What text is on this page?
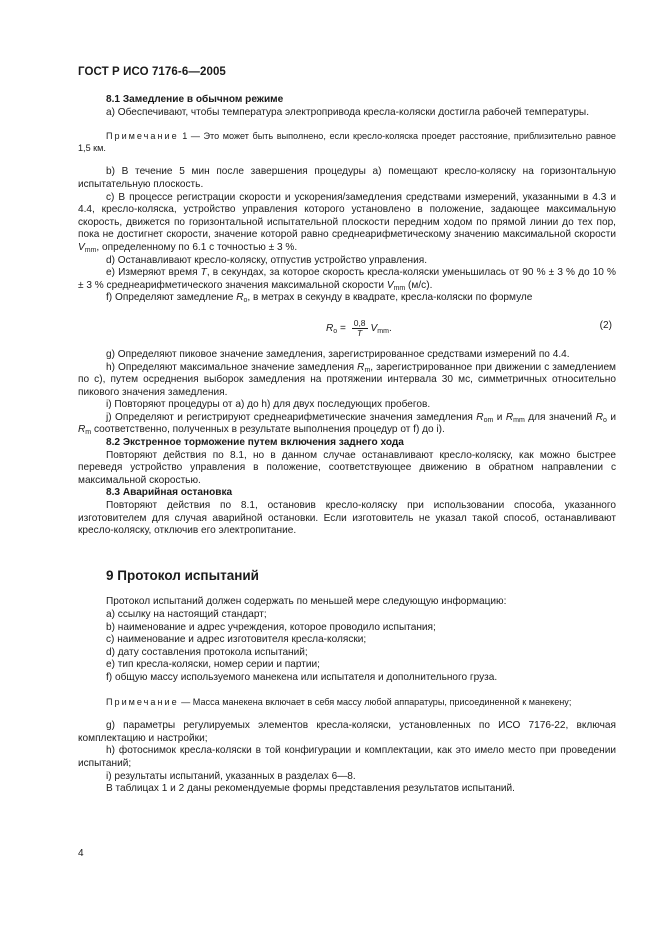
ГОСТ Р ИСО 7176-6—2005

8.1 Замедление в обычном режиме

a) Обеспечивают, чтобы температура электропривода кресла-коляски достигла рабочей температуры.

Примечание 1 — Это может быть выполнено, если кресло-коляска проедет расстояние, приблизительно равное 1,5 км.

b) В течение 5 мин после завершения процедуры a) помещают кресло-коляску на горизонтальную испытательную плоскость.

c) В процессе регистрации скорости и ускорения/замедления средствами измерений, указанными в 4.3 и 4.4, кресло-коляска, устройство управления которого установлено в положение, задающее максимальную скорость, движется по горизонтальной испытательной плоскости передним ходом по прямой линии до тех пор, пока не достигнет скорости, значение которой равно среднеарифметическому значению максимальной скорости $V_{mm}$, определенному по 6.1 с точностью ± 3 %.

d) Останавливают кресло-коляску, отпустив устройство управления.

e) Измеряют время T, в секундах, за которое скорость кресла-коляски уменьшилась от 90 % ± 3 % до 10 % ± 3 % среднеарифметического значения максимальной скорости $V_{mm}$ (м/с).

f) Определяют замедление $R_o$, в метрах в секунду в квадрате, кресла-коляски по формуле

$R_o = \frac{0,8}{T} V_{mm}$.	(2)

g) Определяют пиковое значение замедления, зарегистрированное средствами измерений по 4.4.

h) Определяют максимальное значение замедления $R_m$, зарегистрированное при движении с замедлением по с), путем осреднения выборок замедления на протяжении интервала 30 мс, симметричных относительно пикового значения замедления.

i) Повторяют процедуры от a) до h) для двух последующих пробегов.

j) Определяют и регистрируют среднеарифметические значения замедления $R_{om}$ и $R_{mm}$ для значений $R_o$ и $R_m$ соответственно, полученных в результате выполнения процедур от f) до i).

8.2 Экстренное торможение путем включения заднего хода

Повторяют действия по 8.1, но в данном случае останавливают кресло-коляску, как можно быстрее переведя устройство управления в положение, соответствующее движению в обратном направлении с максимальной скоростью.

8.3 Аварийная остановка

Повторяют действия по 8.1, остановив кресло-коляску при использовании способа, указанного изготовителем для случая аварийной остановки. Если изготовитель не указал такой способ, останавливают кресло-коляску, отключив его электропитание.

9 Протокол испытаний

Протокол испытаний должен содержать по меньшей мере следующую информацию:

a) ссылку на настоящий стандарт;

b) наименование и адрес учреждения, которое проводило испытания;

c) наименование и адрес изготовителя кресла-коляски;

d) дату составления протокола испытаний;

e) тип кресла-коляски, номер серии и партии;

f) общую массу используемого манекена или испытателя и дополнительного груза.

Примечание — Масса манекена включает в себя массу любой аппаратуры, присоединенной к манекену;

g) параметры регулируемых элементов кресла-коляски, установленных по ИСО 7176-22, включая комплектацию и настройки;

h) фотоснимок кресла-коляски в той конфигурации и комплектации, как это имело место при проведении испытаний;

i) результаты испытаний, указанных в разделах 6—8.

В таблицах 1 и 2 даны рекомендуемые формы представления результатов испытаний.

4
